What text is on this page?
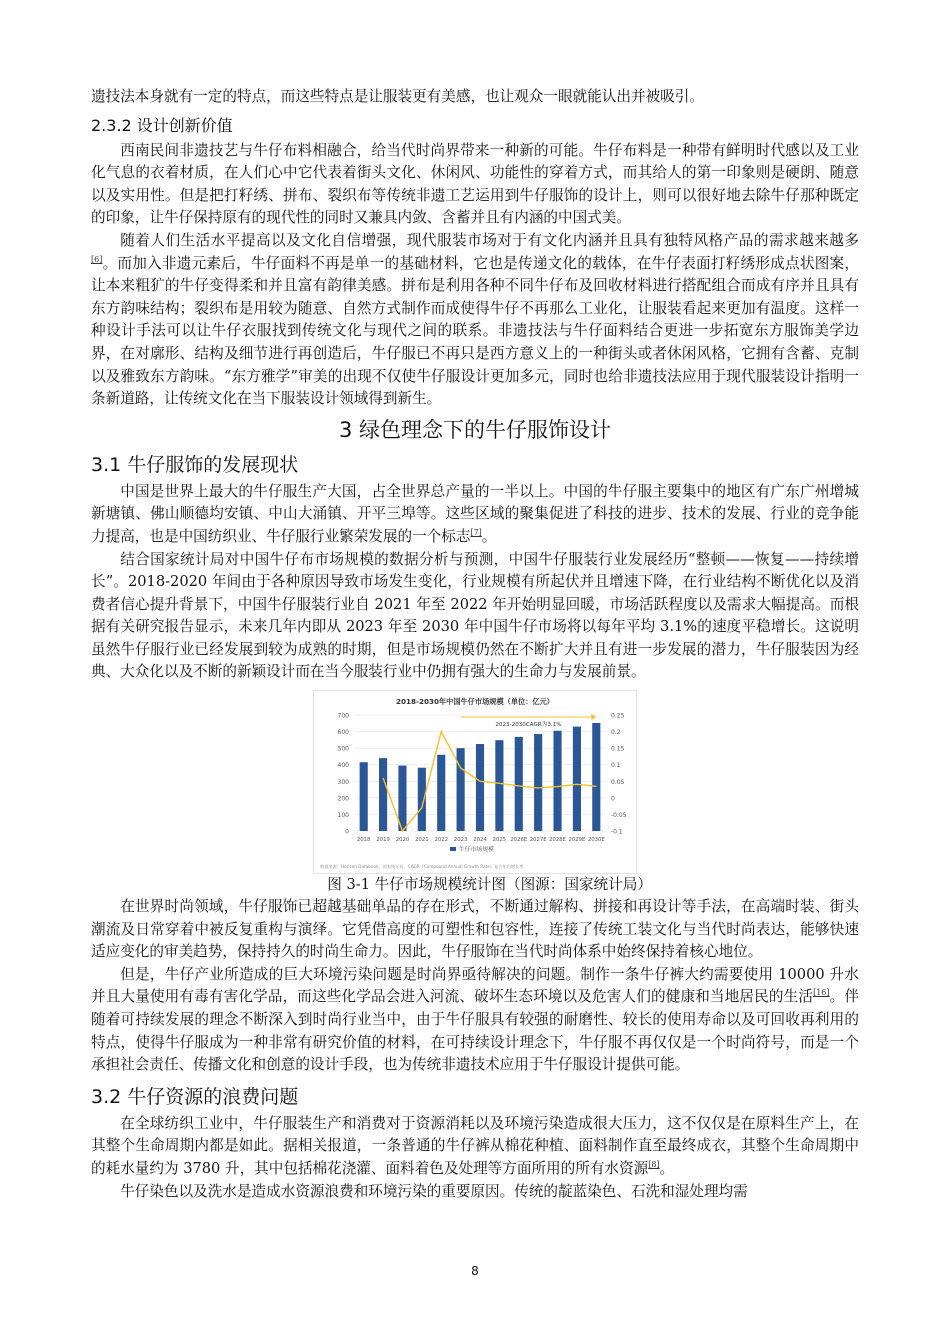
遗技法本身就有一定的特点，而这些特点是让服装更有美感，也让观众一眼就能认出并被吸引。

2.3.2 设计创新价值

西南民间非遗技艺与牛仔布料相融合，给当代时尚界带来一种新的可能。牛仔布料是一种带有鲜明时代感以及工业化气息的衣着材质，在人们心中它代表着街头文化、休闲风、功能性的穿着方式，而其给人的第一印象则是硬朗、随意以及实用性。但是把打籽绣、拼布、裂织布等传统非遗工艺运用到牛仔服饰的设计上，则可以很好地去除牛仔那种既定的印象，让牛仔保持原有的现代性的同时又兼具内敛、含蓄并且有内涵的中国式美。

随着人们生活水平提高以及文化自信增强，现代服装市场对于有文化内涵并且具有独特风格产品的需求越来越多[6]。而加入非遗元素后，牛仔面料不再是单一的基础材料，它也是传递文化的载体，在牛仔表面打籽绣形成点状图案，让本来粗犷的牛仔变得柔和并且富有韵律美感。拼布是利用各种不同牛仔布及回收材料进行搭配组合而成有序并且具有东方韵味结构；裂织布是用较为随意、自然方式制作而成使得牛仔不再那么工业化，让服装看起来更加有温度。这样一种设计手法可以让牛仔衣服找到传统文化与现代之间的联系。非遗技法与牛仔面料结合更进一步拓宽东方服饰美学边界，在对廓形、结构及细节进行再创造后，牛仔服已不再只是西方意义上的一种街头或者休闲风格，它拥有含蓄、克制以及雅致东方韵味。“东方雅学”审美的出现不仅使牛仔服设计更加多元，同时也给非遗技法应用于现代服装设计指明一条新道路，让传统文化在当下服装设计领域得到新生。

3 绿色理念下的牛仔服饰设计
3.1 牛仔服饰的发展现状

中国是世界上最大的牛仔服生产大国，占全世界总产量的一半以上。中国的牛仔服主要集中的地区有广东广州增城新塘镇、佛山顺德均安镇、中山大涌镇、开平三埠等。这些区域的聚集促进了科技的进步、技术的发展、行业的竞争能力提高，也是中国纺织业、牛仔服行业繁荣发展的一个标志[7]。

结合国家统计局对中国牛仔布市场规模的数据分析与预测，中国牛仔服装行业发展经历“整顿——恢复——持续增长”。2018-2020 年间由于各种原因导致市场发生变化，行业规模有所起伏并且增速下降，在行业结构不断优化以及消费者信心提升背景下，中国牛仔服装行业自 2021 年至 2022 年开始明显回暖，市场活跃程度以及需求大幅提高。而根据有关研究报告显示，未来几年内即从 2023 年至 2030 年中国牛仔市场将以每年平均 3.1%的速度平稳增长。这说明虽然牛仔服行业已经发展到较为成熟的时期，但是市场规模仍然在不断扩大并且有进一步发展的潜力，牛仔服装因为经典、大众化以及不断的新颖设计而在当今服装行业中仍拥有强大的生命力与发展前景。

2018-2030年中国牛仔市场规模（单位：亿元）
0
100
200
300
400
500
600
700
-0.1
-0.05
0
0.05
0.1
0.15
0.2
0.25
2018 2019 2020 2021 2022 2023 2024 2025 2026E 2027E 2028E 2029E 2030E
2023-2030CAGR为3.1%
牛仔市场规模
数据来源：Horizon Databook，国家统计局，CAGR（Compound Annual Growth Rate）复合年均增长率

图 3-1 牛仔市场规模统计图（图源：国家统计局）

在世界时尚领域，牛仔服饰已超越基础单品的存在形式，不断通过解构、拼接和再设计等手法，在高端时装、街头潮流及日常穿着中被反复重构与演绎。它凭借高度的可塑性和包容性，连接了传统工装文化与当代时尚表达，能够快速适应变化的审美趋势，保持持久的时尚生命力。因此，牛仔服饰在当代时尚体系中始终保持着核心地位。

但是，牛仔产业所造成的巨大环境污染问题是时尚界亟待解决的问题。制作一条牛仔裤大约需要使用 10000 升水并且大量使用有毒有害化学品，而这些化学品会进入河流、破坏生态环境以及危害人们的健康和当地居民的生活[16]。伴随着可持续发展的理念不断深入到时尚行业当中，由于牛仔服具有较强的耐磨性、较长的使用寿命以及可回收再利用的特点，使得牛仔服成为一种非常有研究价值的材料，在可持续设计理念下，牛仔服不再仅仅是一个时尚符号，而是一个承担社会责任、传播文化和创意的设计手段，也为传统非遗技术应用于牛仔服设计提供可能。

3.2 牛仔资源的浪费问题

在全球纺织工业中，牛仔服装生产和消费对于资源消耗以及环境污染造成很大压力，这不仅仅是在原料生产上，在其整个生命周期内都是如此。据相关报道，一条普通的牛仔裤从棉花种植、面料制作直至最终成衣，其整个生命周期中的耗水量约为 3780 升，其中包括棉花浇灌、面料着色及处理等方面所用的所有水资源[8]。

牛仔染色以及洗水是造成水资源浪费和环境污染的重要原因。传统的靛蓝染色、石洗和湿处理均需

8
